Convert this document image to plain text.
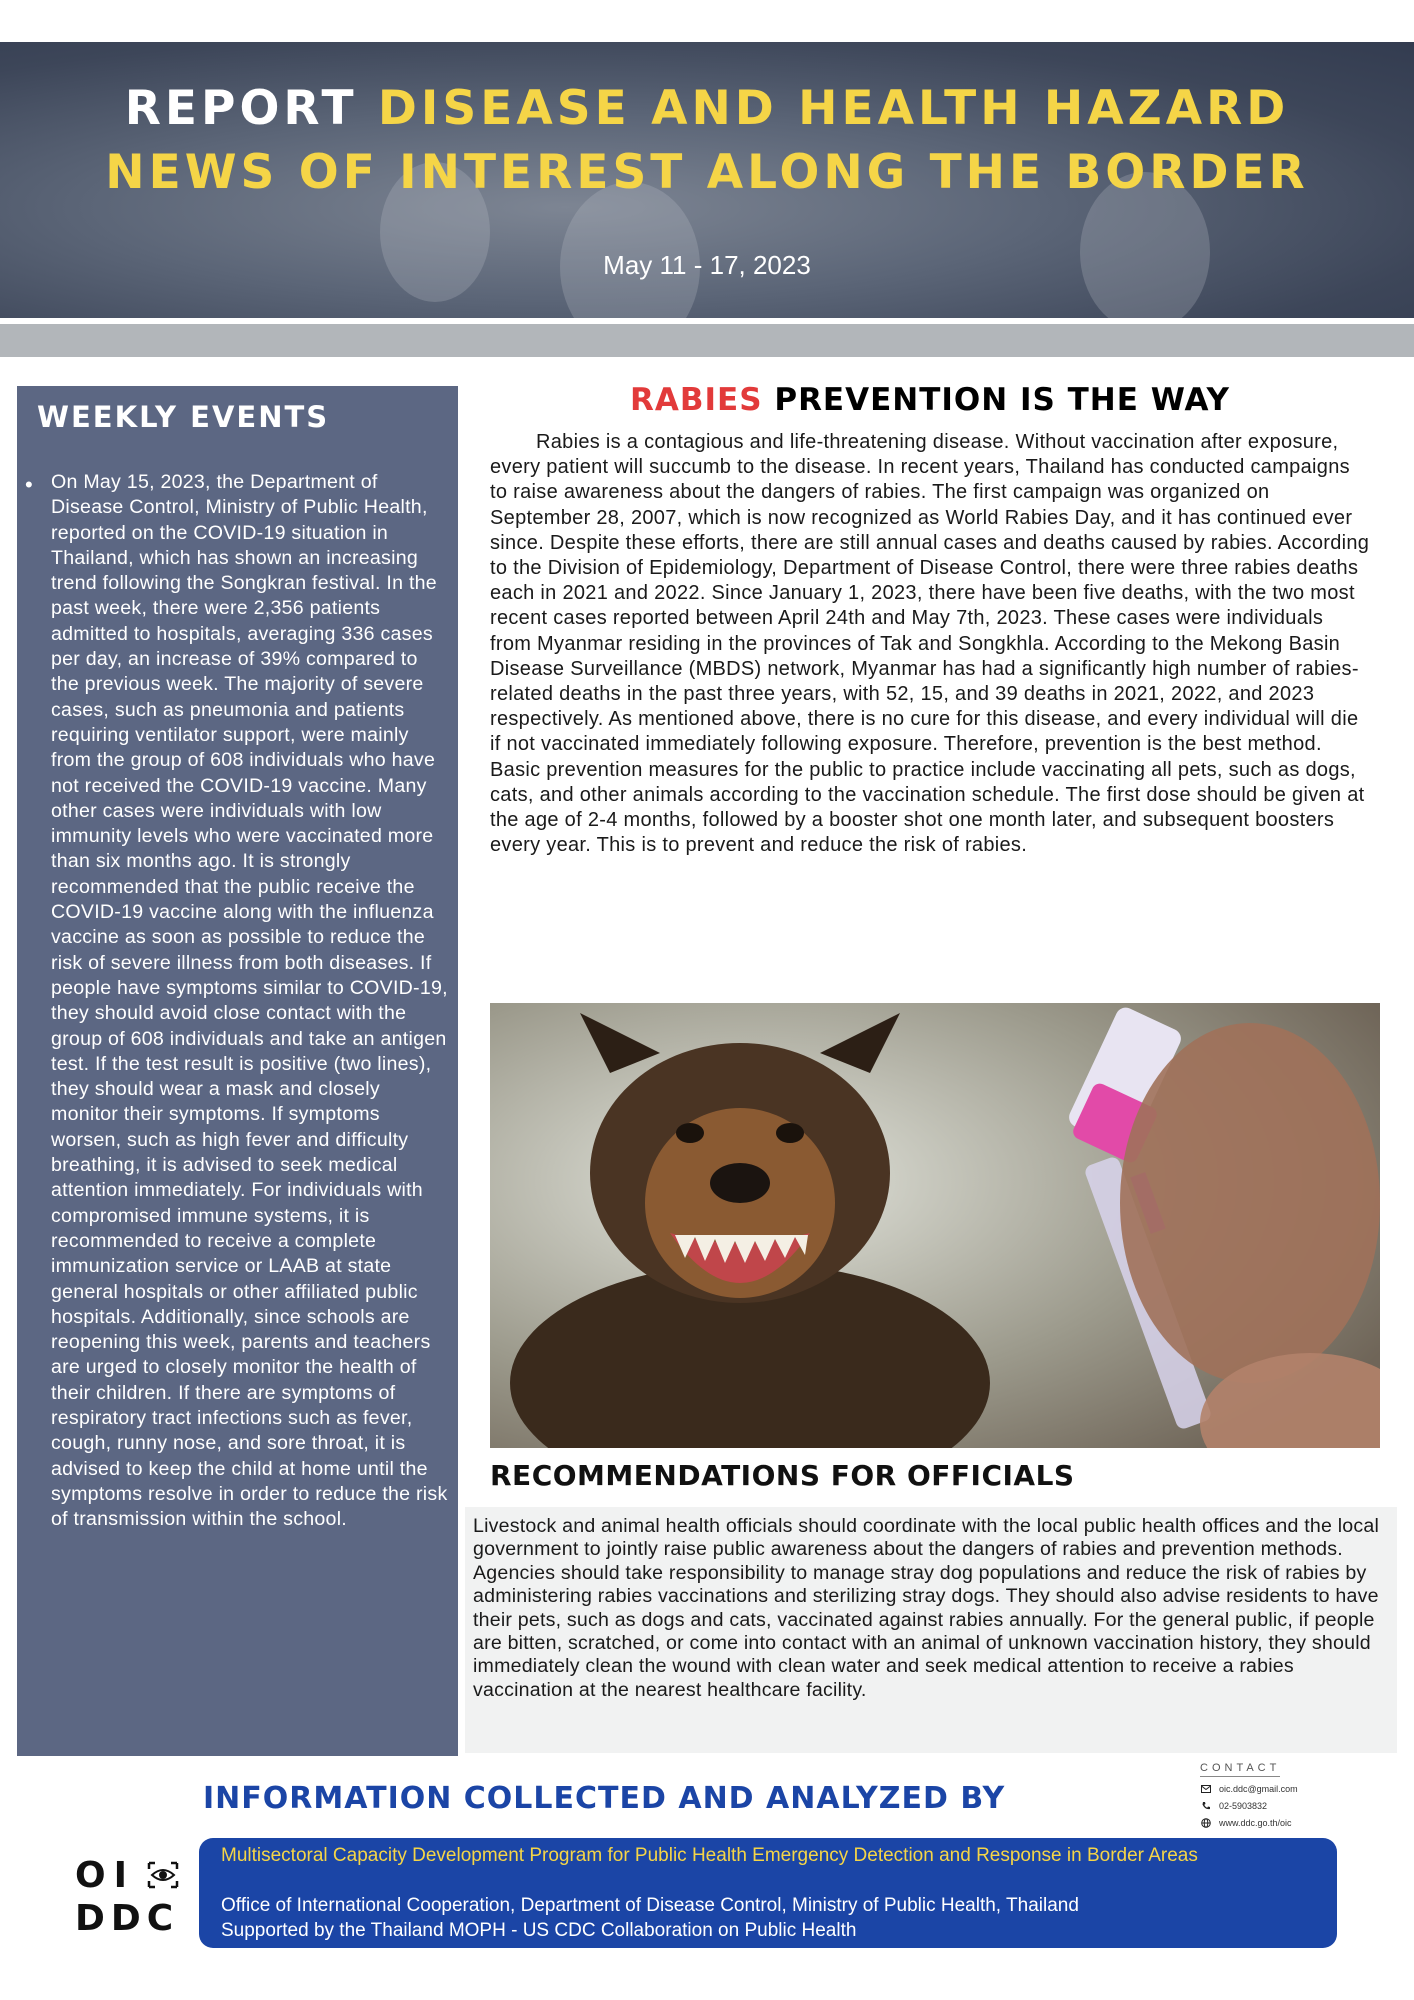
REPORT DISEASE AND HEALTH HAZARD
NEWS OF INTEREST ALONG THE BORDER
May 11 - 17, 2023
WEEKLY EVENTS
• On May 15, 2023, the Department of Disease Control, Ministry of Public Health, reported on the COVID-19 situation in Thailand, which has shown an increasing trend following the Songkran festival. In the past week, there were 2,356 patients admitted to hospitals, averaging 336 cases per day, an increase of 39% compared to the previous week. The majority of severe cases, such as pneumonia and patients requiring ventilator support, were mainly from the group of 608 individuals who have not received the COVID-19 vaccine. Many other cases were individuals with low immunity levels who were vaccinated more than six months ago. It is strongly recommended that the public receive the COVID-19 vaccine along with the influenza vaccine as soon as possible to reduce the risk of severe illness from both diseases. If people have symptoms similar to COVID-19, they should avoid close contact with the group of 608 individuals and take an antigen test. If the test result is positive (two lines), they should wear a mask and closely monitor their symptoms. If symptoms worsen, such as high fever and difficulty breathing, it is advised to seek medical attention immediately. For individuals with compromised immune systems, it is recommended to receive a complete immunization service or LAAB at state general hospitals or other affiliated public hospitals. Additionally, since schools are reopening this week, parents and teachers are urged to closely monitor the health of their children. If there are symptoms of respiratory tract infections such as fever, cough, runny nose, and sore throat, it is advised to keep the child at home until the symptoms resolve in order to reduce the risk of transmission within the school.

RABIES PREVENTION IS THE WAY

Rabies is a contagious and life-threatening disease. Without vaccination after exposure, every patient will succumb to the disease. In recent years, Thailand has conducted campaigns to raise awareness about the dangers of rabies. The first campaign was organized on September 28, 2007, which is now recognized as World Rabies Day, and it has continued ever since. Despite these efforts, there are still annual cases and deaths caused by rabies. According to the Division of Epidemiology, Department of Disease Control, there were three rabies deaths each in 2021 and 2022. Since January 1, 2023, there have been five deaths, with the two most recent cases reported between April 24th and May 7th, 2023. These cases were individuals from Myanmar residing in the provinces of Tak and Songkhla. According to the Mekong Basin Disease Surveillance (MBDS) network, Myanmar has had a significantly high number of rabies-related deaths in the past three years, with 52, 15, and 39 deaths in 2021, 2022, and 2023 respectively. As mentioned above, there is no cure for this disease, and every individual will die if not vaccinated immediately following exposure. Therefore, prevention is the best method. Basic prevention measures for the public to practice include vaccinating all pets, such as dogs, cats, and other animals according to the vaccination schedule. The first dose should be given at the age of 2-4 months, followed by a booster shot one month later, and subsequent boosters every year. This is to prevent and reduce the risk of rabies.

RECOMMENDATIONS FOR OFFICIALS

Livestock and animal health officials should coordinate with the local public health offices and the local government to jointly raise public awareness about the dangers of rabies and prevention methods. Agencies should take responsibility to manage stray dog populations and reduce the risk of rabies by administering rabies vaccinations and sterilizing stray dogs. They should also advise residents to have their pets, such as dogs and cats, vaccinated against rabies annually. For the general public, if people are bitten, scratched, or come into contact with an animal of unknown vaccination history, they should immediately clean the wound with clean water and seek medical attention to receive a rabies vaccination at the nearest healthcare facility.

INFORMATION COLLECTED AND ANALYZED BY
CONTACT
oic.ddc@gmail.com
02-5903832
www.ddc.go.th/oic
OI
DDC
Multisectoral Capacity Development Program for Public Health Emergency Detection and Response in Border Areas
Office of International Cooperation, Department of Disease Control, Ministry of Public Health, Thailand
Supported by the Thailand MOPH - US CDC Collaboration on Public Health
